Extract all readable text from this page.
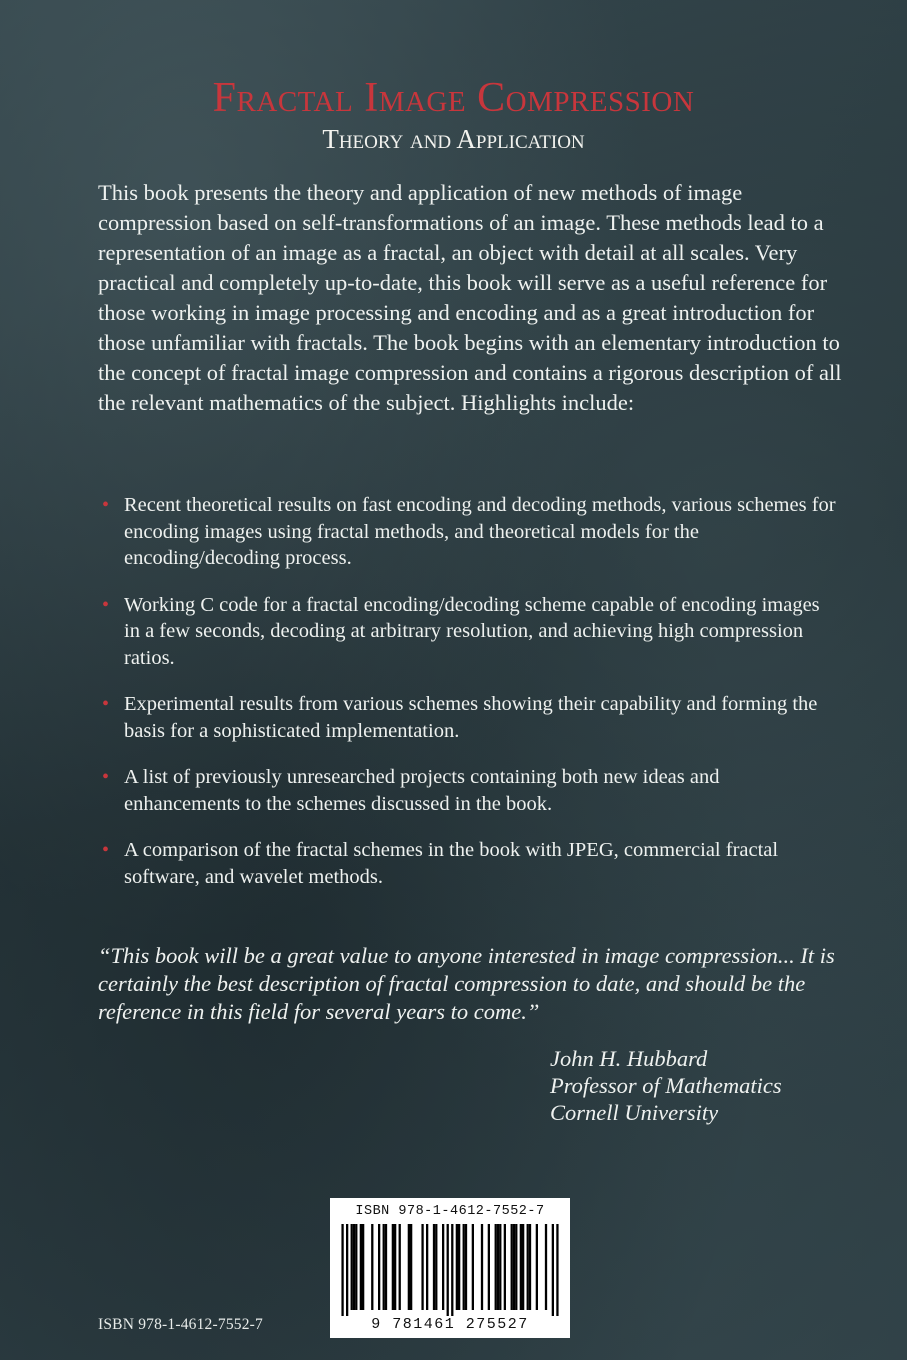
Fractal Image Compression
Theory and Application

This book presents the theory and application of new methods of image compression based on self-transformations of an image. These methods lead to a representation of an image as a fractal, an object with detail at all scales. Very practical and completely up-to-date, this book will serve as a useful reference for those working in image processing and encoding and as a great introduction for those unfamiliar with fractals. The book begins with an elementary introduction to the concept of fractal image compression and contains a rigorous description of all the relevant mathematics of the subject. Highlights include:

• Recent theoretical results on fast encoding and decoding methods, various schemes for encoding images using fractal methods, and theoretical models for the encoding/decoding process.
• Working C code for a fractal encoding/decoding scheme capable of encoding images in a few seconds, decoding at arbitrary resolution, and achieving high compression ratios.
• Experimental results from various schemes showing their capability and forming the basis for a sophisticated implementation.
• A list of previously unresearched projects containing both new ideas and enhancements to the schemes discussed in the book.
• A comparison of the fractal schemes in the book with JPEG, commercial fractal software, and wavelet methods.

“This book will be a great value to anyone interested in image compression... It is certainly the best description of fractal compression to date, and should be the reference in this field for several years to come.”

John H. Hubbard
Professor of Mathematics
Cornell University
ISBN 978-1-4612-7552-7
ISBN 978-1-4612-7552-7
9 781461 275527
